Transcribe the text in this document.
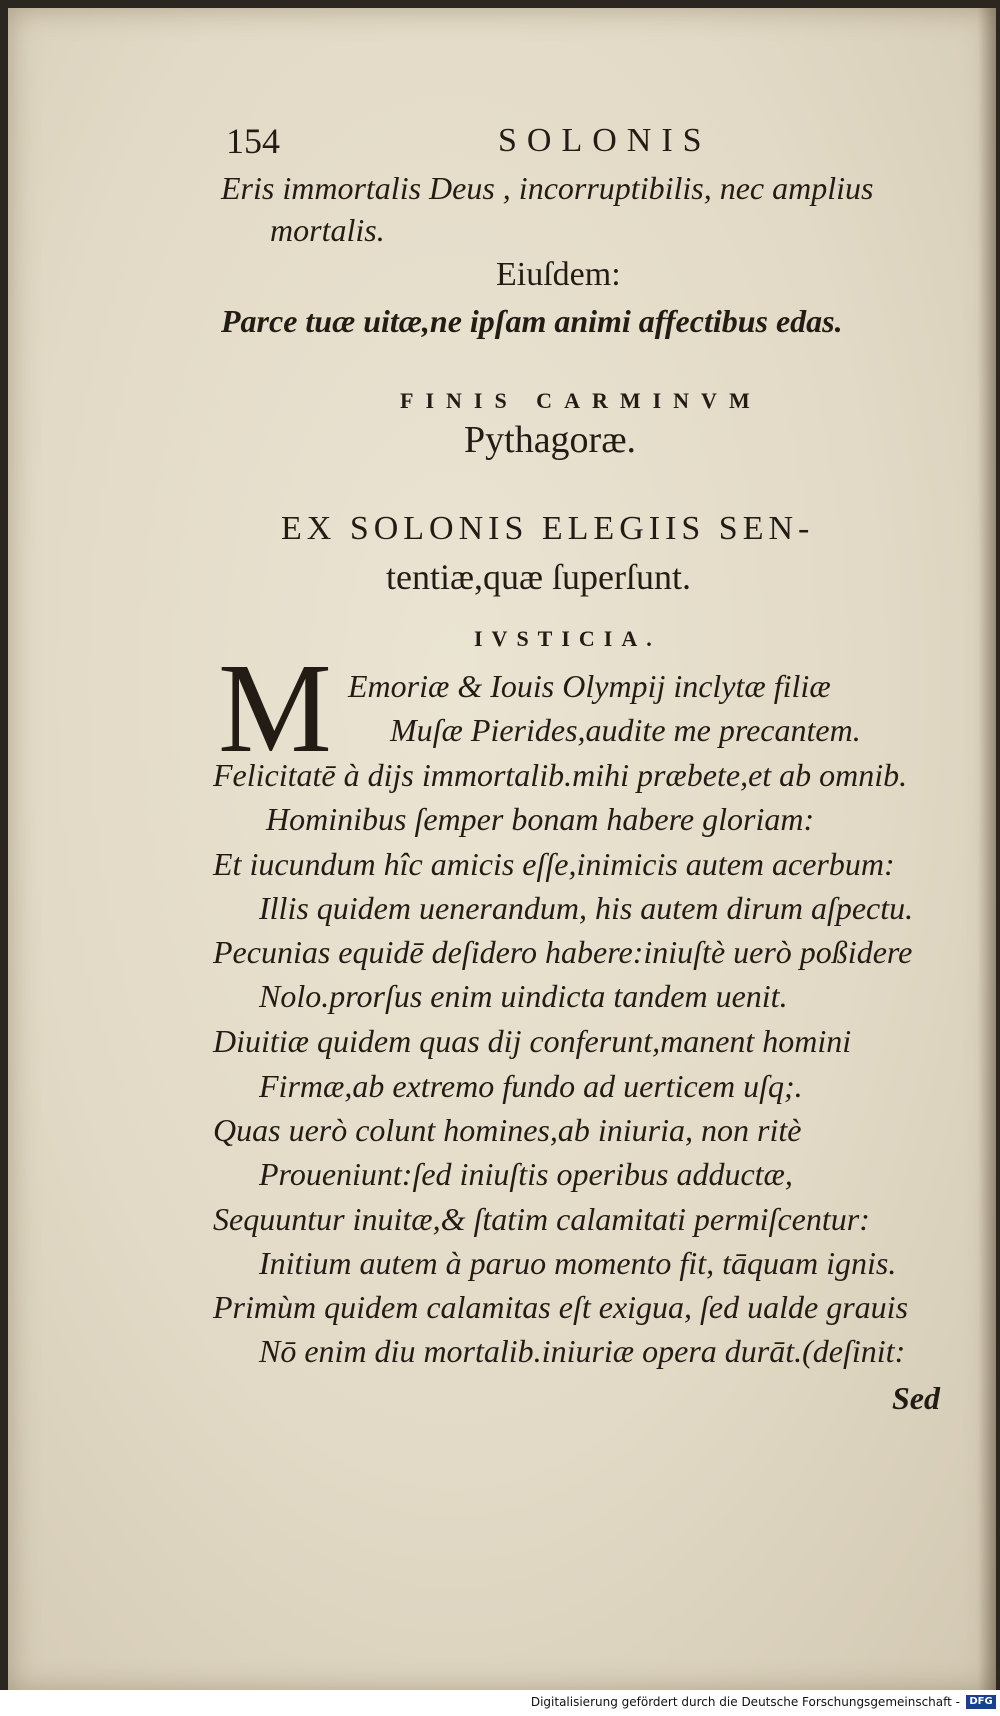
154	SOLONIS

Eris immortalis Deus , incorruptibilis, nec amplius

mortalis.

Eiuſdem:

Parce tuæ uitæ,ne ipſam animi affectibus edas.

FINIS CARMINVM

Pythagoræ.

EX SOLONIS ELEGIIS SEN-

tentiæ,quæ ſuperſunt.

IVSTICIA.

M Emoriæ & Iouis Olympij inclytæ filiæ

Muſæ Pierides,audite me precantem.

Felicitatē à dijs immortalib.mihi præbete,et ab omnib.

Hominibus ſemper bonam habere gloriam:

Et iucundum hîc amicis eſſe,inimicis autem acerbum:

Illis quidem uenerandum, his autem dirum aſpectu.

Pecunias equidē deſidero habere:iniuſtè uerò poßidere

Nolo.prorſus enim uindicta tandem uenit.

Diuitiæ quidem quas dij conferunt,manent homini

Firmæ,ab extremo fundo ad uerticem uſq;.

Quas uerò colunt homines,ab iniuria, non ritè

Proueniunt:ſed iniuſtis operibus adductæ,

Sequuntur inuitæ,& ſtatim calamitati permiſcentur:

Initium autem à paruo momento fit, tāquam ignis.

Primùm quidem calamitas eſt exigua, ſed ualde grauis

Nō enim diu mortalib.iniuriæ opera durāt.(deſinit:

Sed

Digitalisierung gefördert durch die Deutsche Forschungsgemeinschaft - DFG
